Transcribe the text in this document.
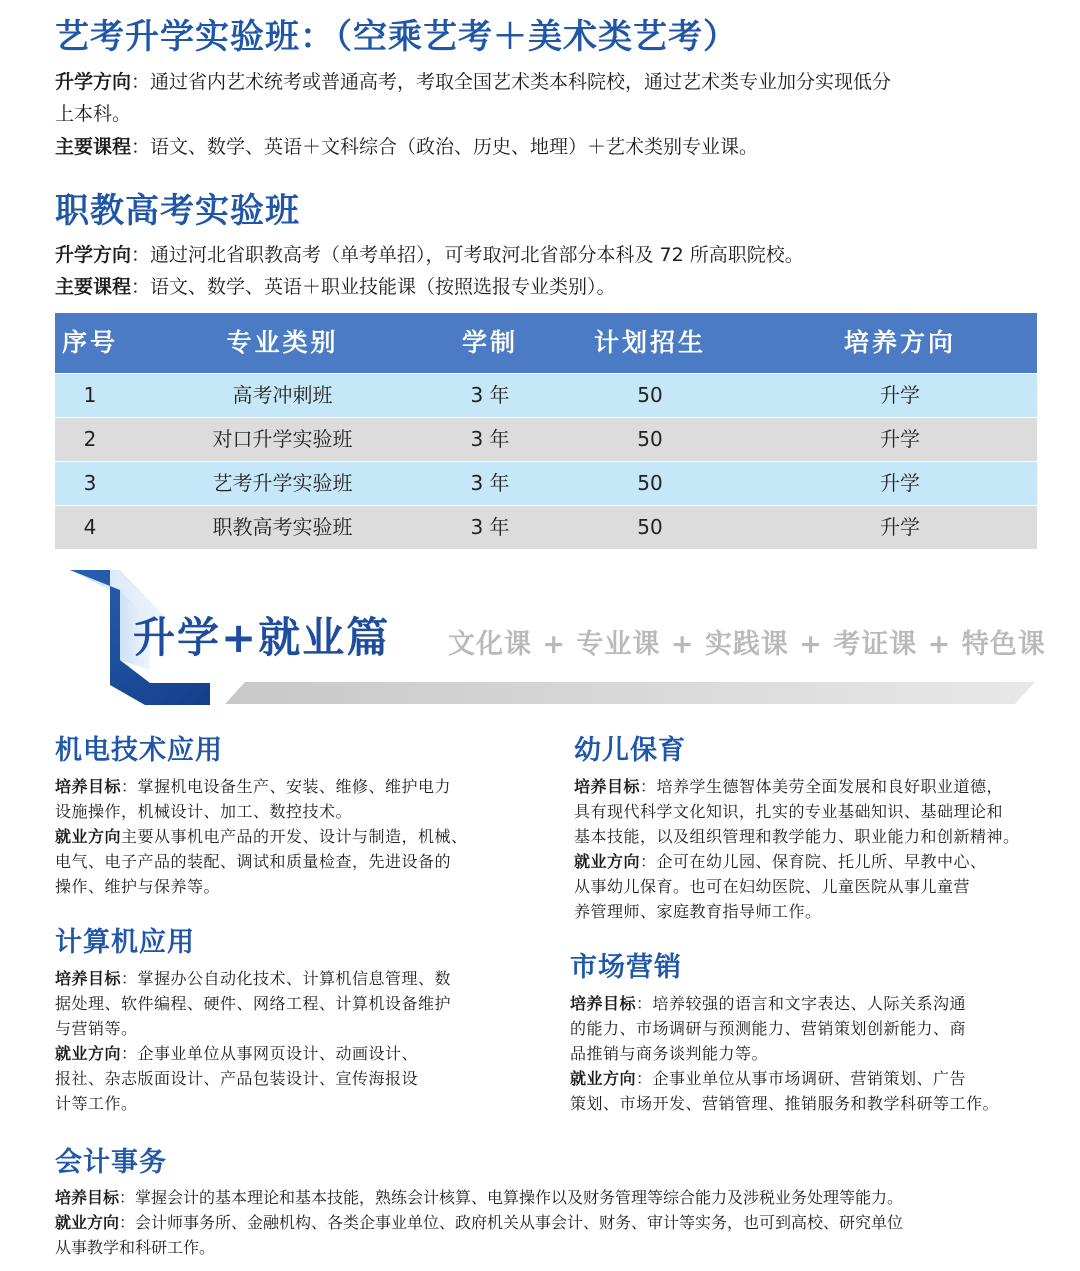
艺考升学实验班：（空乘艺考＋美术类艺考）
升学方向：通过省内艺术统考或普通高考，考取全国艺术类本科院校，通过艺术类专业加分实现低分
上本科。
主要课程：语文、数学、英语＋文科综合（政治、历史、地理）＋艺术类别专业课。
职教高考实验班
升学方向：通过河北省职教高考（单考单招），可考取河北省部分本科及 72 所高职院校。
主要课程：语文、数学、英语＋职业技能课（按照选报专业类别）。
序号	专业类别	学制	计划招生	培养方向
1	高考冲刺班	3 年	50	升学
2	对口升学实验班	3 年	50	升学
3	艺考升学实验班	3 年	50	升学
4	职教高考实验班	3 年	50	升学
升学+就业篇 文化课 + 专业课 + 实践课 + 考证课 + 特色课
机电技术应用
培养目标：掌握机电设备生产、安装、维修、维护电力
设施操作，机械设计、加工、数控技术。
就业方向主要从事机电产品的开发、设计与制造，机械、
电气、电子产品的装配、调试和质量检查，先进设备的
操作、维护与保养等。
计算机应用
培养目标：掌握办公自动化技术、计算机信息管理、数
据处理、软件编程、硬件、网络工程、计算机设备维护
与营销等。
就业方向：企事业单位从事网页设计、动画设计、
报社、杂志版面设计、产品包装设计、宣传海报设
计等工作。
幼儿保育
培养目标：培养学生德智体美劳全面发展和良好职业道德，
具有现代科学文化知识，扎实的专业基础知识、基础理论和
基本技能，以及组织管理和教学能力、职业能力和创新精神。
就业方向：企可在幼儿园、保育院、托儿所、早教中心、
从事幼儿保育。也可在妇幼医院、儿童医院从事儿童营
养管理师、家庭教育指导师工作。
市场营销
培养目标：培养较强的语言和文字表达、人际关系沟通
的能力、市场调研与预测能力、营销策划创新能力、商
品推销与商务谈判能力等。
就业方向：企事业单位从事市场调研、营销策划、广告
策划、市场开发、营销管理、推销服务和教学科研等工作。
会计事务
培养目标：掌握会计的基本理论和基本技能，熟练会计核算、电算操作以及财务管理等综合能力及涉税业务处理等能力。
就业方向：会计师事务所、金融机构、各类企事业单位、政府机关从事会计、财务、审计等实务，也可到高校、研究单位
从事教学和科研工作。
